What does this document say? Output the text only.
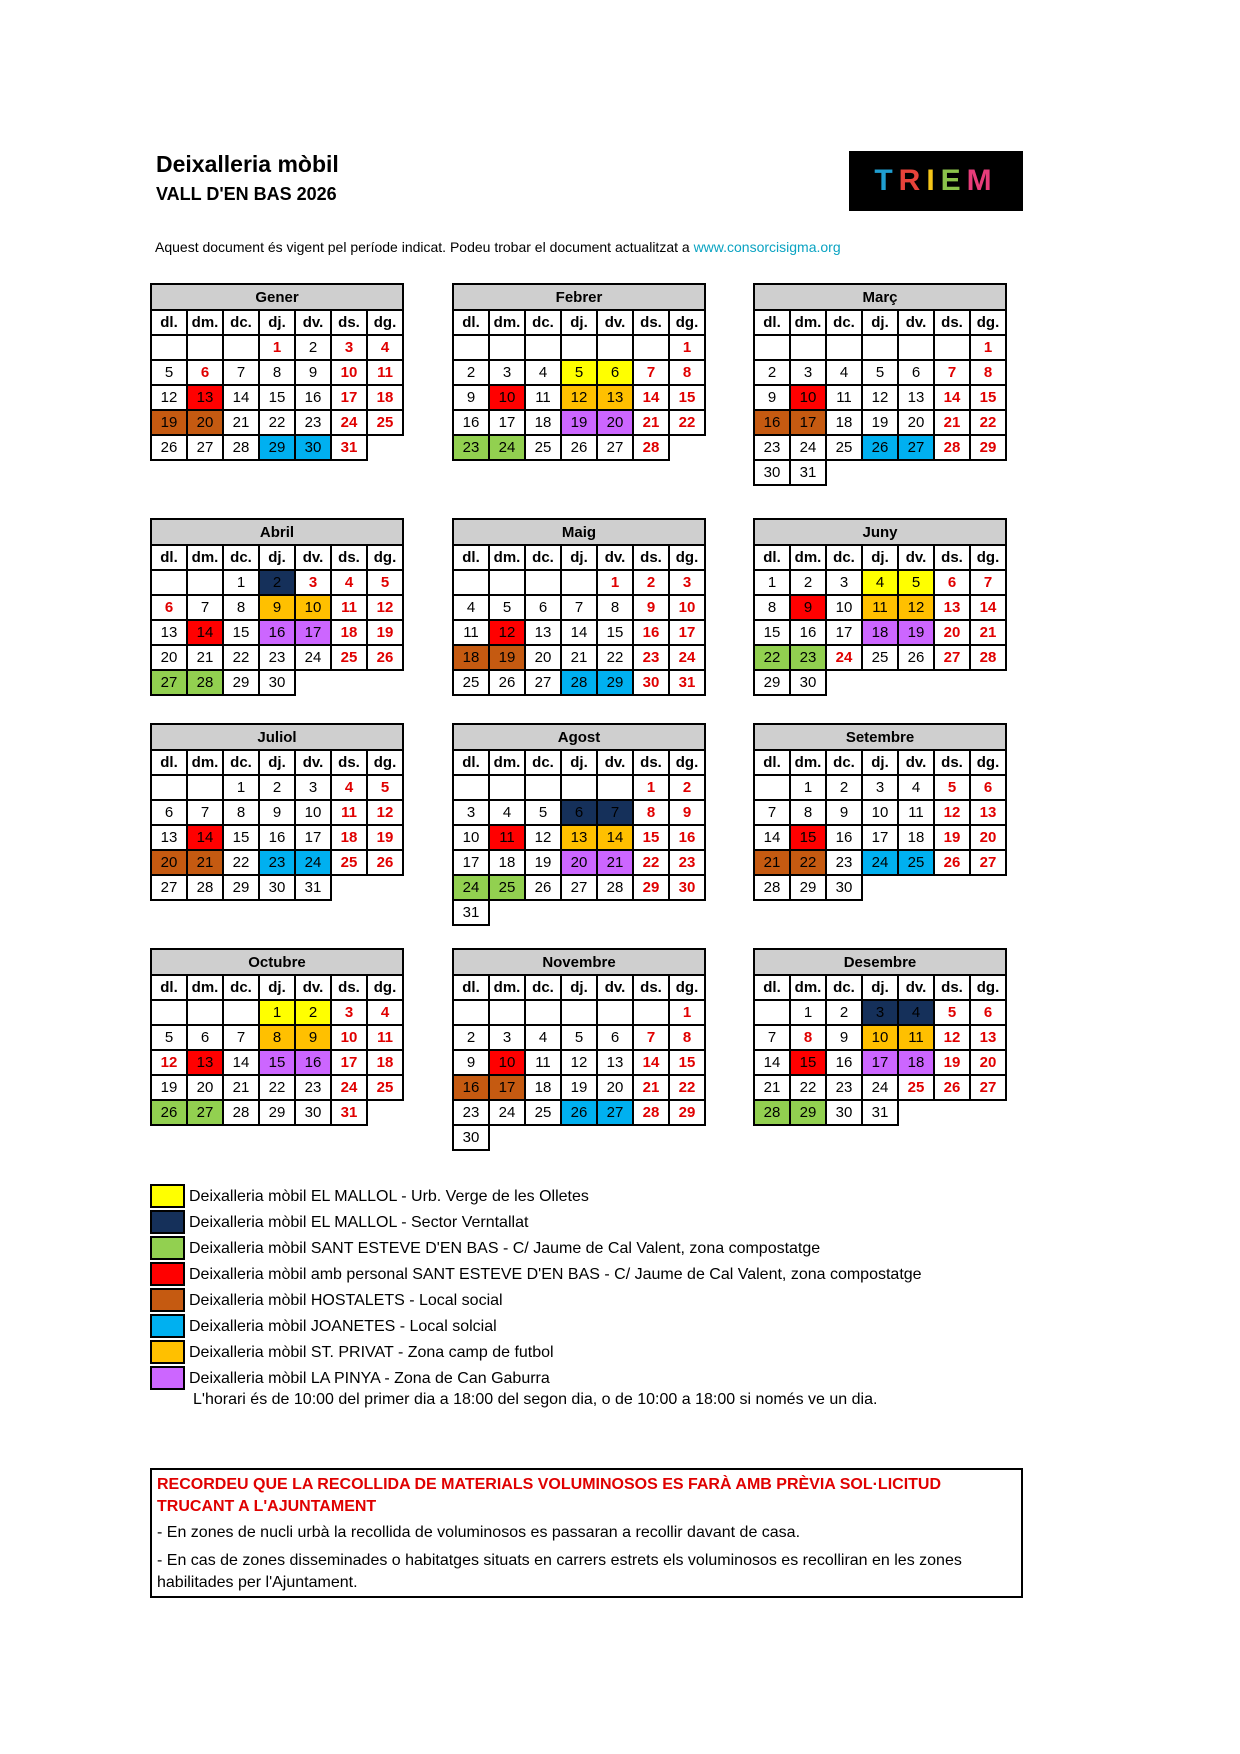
Deixalleria mòbil
VALL D'EN BAS 2026	T R I E M
Aquest document és vigent pel període indicat. Podeu trobar el document actualitzat a www.consorcisigma.org
Gener						
dl.	dm.	dc.	dj.	dv.	ds.	dg.
			1	2	3	4
5	6	7	8	9	10	11
12	13	14	15	16	17	18
19	20	21	22	23	24	25
26	27	28	29	30	31	
Febrer						
dl.	dm.	dc.	dj.	dv.	ds.	dg.
						1
2	3	4	5	6	7	8
9	10	11	12	13	14	15
16	17	18	19	20	21	22
23	24	25	26	27	28	
Març						
dl.	dm.	dc.	dj.	dv.	ds.	dg.
						1
2	3	4	5	6	7	8
9	10	11	12	13	14	15
16	17	18	19	20	21	22
23	24	25	26	27	28	29
30	31					
Abril						
dl.	dm.	dc.	dj.	dv.	ds.	dg.
		1	2	3	4	5
6	7	8	9	10	11	12
13	14	15	16	17	18	19
20	21	22	23	24	25	26
27	28	29	30			
Maig						
dl.	dm.	dc.	dj.	dv.	ds.	dg.
				1	2	3
4	5	6	7	8	9	10
11	12	13	14	15	16	17
18	19	20	21	22	23	24
25	26	27	28	29	30	31
Juny						
dl.	dm.	dc.	dj.	dv.	ds.	dg.
1	2	3	4	5	6	7
8	9	10	11	12	13	14
15	16	17	18	19	20	21
22	23	24	25	26	27	28
29	30					
Juliol						
dl.	dm.	dc.	dj.	dv.	ds.	dg.
		1	2	3	4	5
6	7	8	9	10	11	12
13	14	15	16	17	18	19
20	21	22	23	24	25	26
27	28	29	30	31		
Agost						
dl.	dm.	dc.	dj.	dv.	ds.	dg.
					1	2
3	4	5	6	7	8	9
10	11	12	13	14	15	16
17	18	19	20	21	22	23
24	25	26	27	28	29	30
31						
Setembre						
dl.	dm.	dc.	dj.	dv.	ds.	dg.
	1	2	3	4	5	6
7	8	9	10	11	12	13
14	15	16	17	18	19	20
21	22	23	24	25	26	27
28	29	30				
Octubre						
dl.	dm.	dc.	dj.	dv.	ds.	dg.
			1	2	3	4
5	6	7	8	9	10	11
12	13	14	15	16	17	18
19	20	21	22	23	24	25
26	27	28	29	30	31	
Novembre						
dl.	dm.	dc.	dj.	dv.	ds.	dg.
						1
2	3	4	5	6	7	8
9	10	11	12	13	14	15
16	17	18	19	20	21	22
23	24	25	26	27	28	29
30						
Desembre						
dl.	dm.	dc.	dj.	dv.	ds.	dg.
	1	2	3	4	5	6
7	8	9	10	11	12	13
14	15	16	17	18	19	20
21	22	23	24	25	26	27
28	29	30	31			
Deixalleria mòbil EL MALLOL - Urb. Verge de les Olletes
Deixalleria mòbil EL MALLOL - Sector Verntallat
Deixalleria mòbil SANT ESTEVE D'EN BAS - C/ Jaume de Cal Valent, zona compostatge
Deixalleria mòbil amb personal SANT ESTEVE D'EN BAS - C/ Jaume de Cal Valent, zona compostatge
Deixalleria mòbil HOSTALETS - Local social
Deixalleria mòbil JOANETES - Local solcial
Deixalleria mòbil ST. PRIVAT - Zona camp de futbol
Deixalleria mòbil LA PINYA - Zona de Can Gaburra
L'horari és de 10:00 del primer dia a 18:00 del segon dia, o de 10:00 a 18:00 si només ve un dia.
RECORDEU QUE LA RECOLLIDA DE MATERIALS VOLUMINOSOS ES FARÀ AMB PRÈVIA SOL·LICITUD
TRUCANT A L'AJUNTAMENT
- En zones de nucli urbà la recollida de voluminosos es passaran a recollir davant de casa.
- En cas de zones disseminades o habitatges situats en carrers estrets els voluminosos es recolliran en les zones habilitades per l'Ajuntament.
